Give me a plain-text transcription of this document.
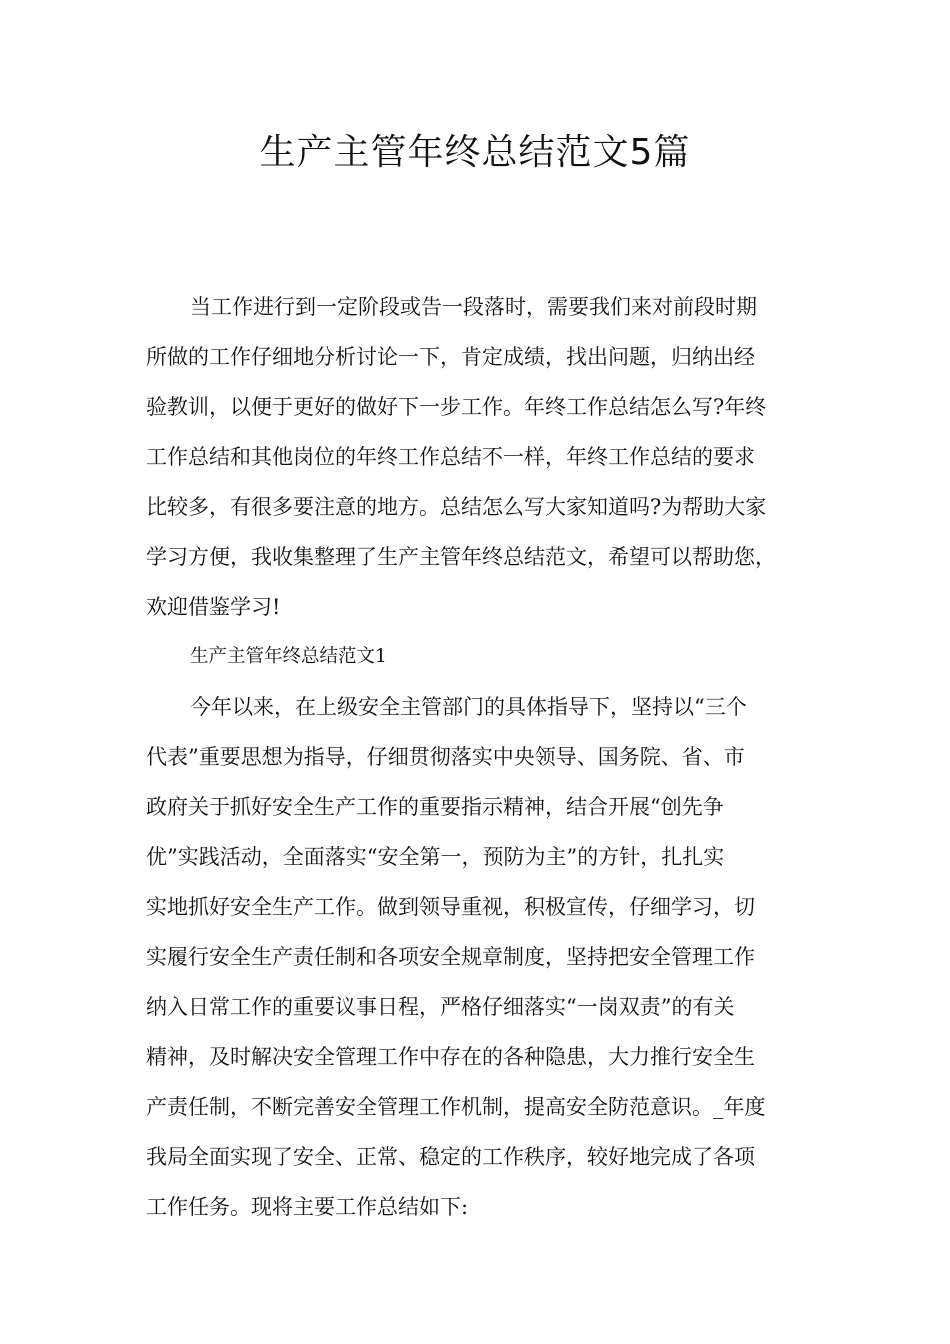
生产主管年终总结范文5篇
当工作进行到一定阶段或告一段落时，需要我们来对前段时期
所做的工作仔细地分析讨论一下，肯定成绩，找出问题，归纳出经
验教训，以便于更好的做好下一步工作。年终工作总结怎么写?年终
工作总结和其他岗位的年终工作总结不一样，年终工作总结的要求
比较多，有很多要注意的地方。总结怎么写大家知道吗?为帮助大家
学习方便，我收集整理了生产主管年终总结范文，希望可以帮助您，
欢迎借鉴学习!
生产主管年终总结范文1
今年以来，在上级安全主管部门的具体指导下，坚持以“三个
代表”重要思想为指导，仔细贯彻落实中央领导、国务院、省、市
政府关于抓好安全生产工作的重要指示精神，结合开展“创先争
优”实践活动，全面落实“安全第一，预防为主”的方针，扎扎实
实地抓好安全生产工作。做到领导重视，积极宣传，仔细学习，切
实履行安全生产责任制和各项安全规章制度，坚持把安全管理工作
纳入日常工作的重要议事日程，严格仔细落实“一岗双责”的有关
精神，及时解决安全管理工作中存在的各种隐患，大力推行安全生
产责任制，不断完善安全管理工作机制，提高安全防范意识。_年度
我局全面实现了安全、正常、稳定的工作秩序，较好地完成了各项
工作任务。现将主要工作总结如下:
